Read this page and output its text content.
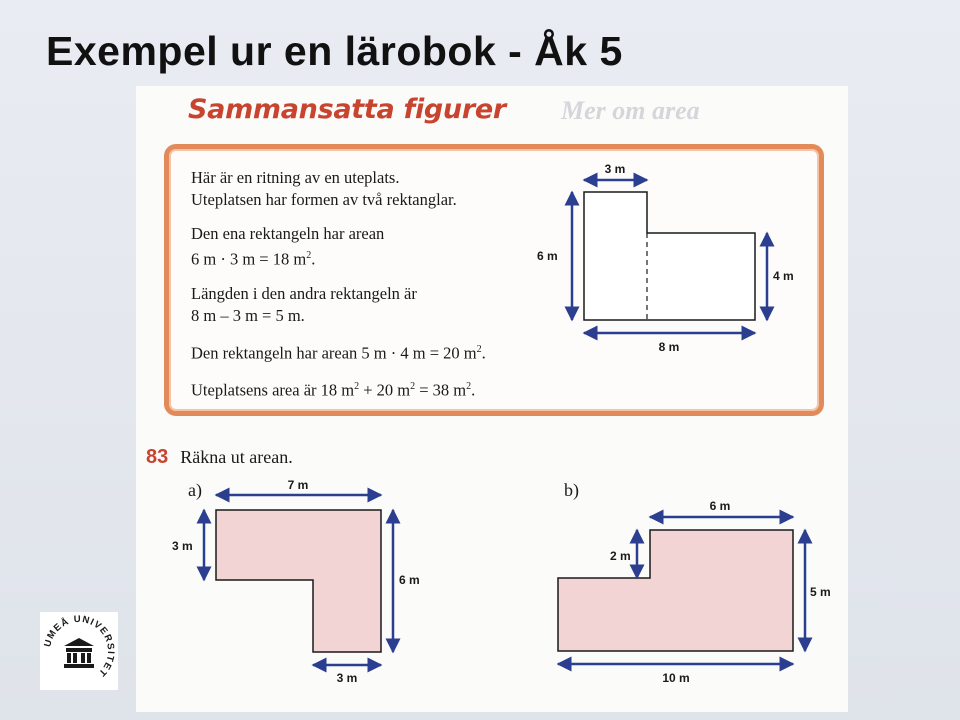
Exempel ur en lärobok - Åk 5
Mer om area
Sammansatta figurer
Här är en ritning av en uteplats.
Uteplatsen har formen av två rektanglar.
Den ena rektangeln har arean
6 m · 3 m = 18 $m^2$.
Längden i den andra rektangeln är
8 m – 3 m = 5 m.
Den rektangeln har arean 5 m · 4 m = 20 $m^2$.
Uteplatsens area är 18 $m^2 + 20$ $m^2 = 38$ $m^2$.
3 m
6 m
4 m
8 m
83 Räkna ut arean.
a)	b)
7 m
3 m
6 m
3 m
6 m
2 m
5 m
10 m
UMEÅ UNIVERSITET
